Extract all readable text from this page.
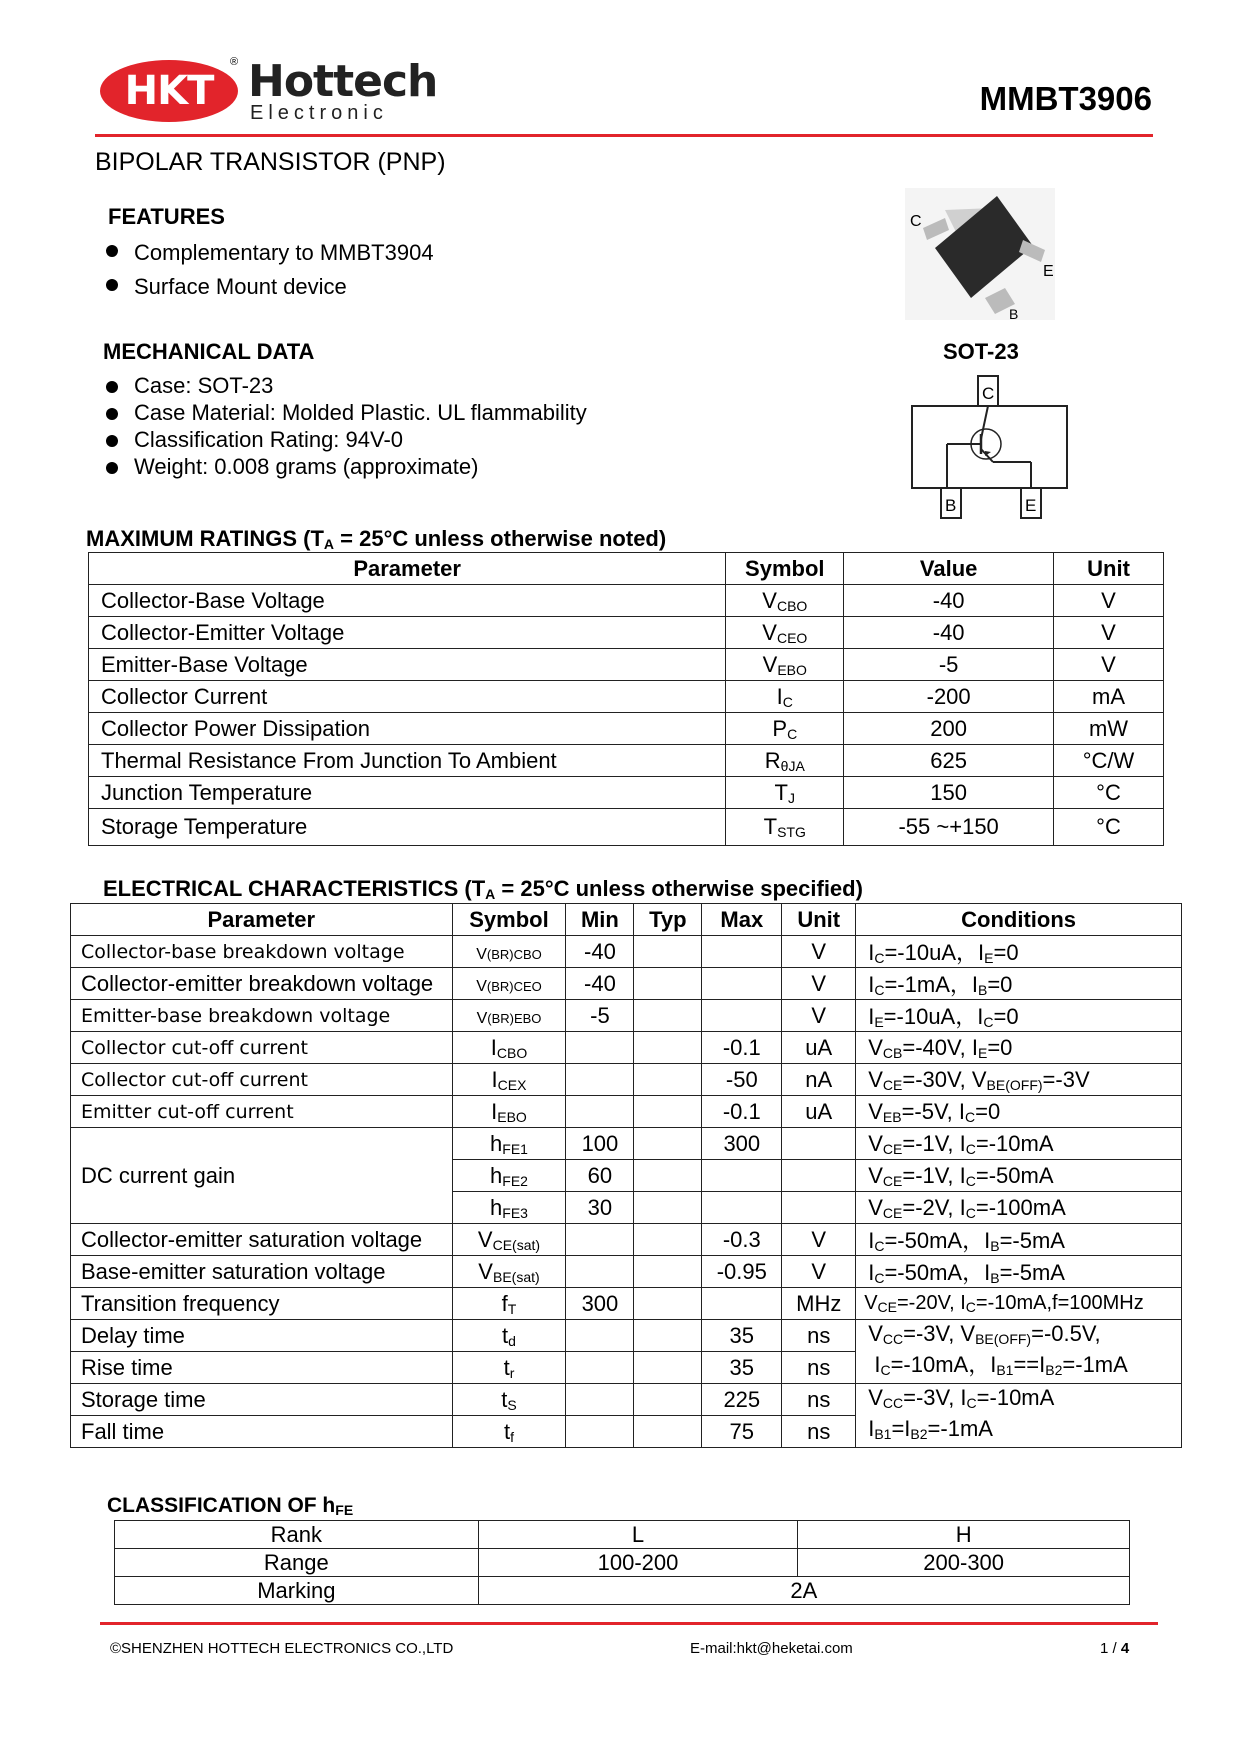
HKT
® Hottech
Electronic	MMBT3906
BIPOLAR TRANSISTOR (PNP)
FEATURES
Complementary to MMBT3904
Surface Mount device
MECHANICAL DATA
Case: SOT-23
Case Material: Molded Plastic. UL flammability
Classification Rating: 94V-0
Weight: 0.008 grams (approximate)
C
E
B
SOT-23
C
B	E
MAXIMUM RATINGS ($T_A = 25^\circ C$ unless otherwise noted)
Parameter	Symbol	Value	Unit
Collector-Base Voltage	$V_{CBO}$	-40	V
Collector-Emitter Voltage	$V_{CEO}$	-40	V
Emitter-Base Voltage	$V_{EBO}$	-5	V
Collector Current	$I_C$	-200	mA
Collector Power Dissipation	$P_C$	200	mW
Thermal Resistance From Junction To Ambient	$R_{\theta JA}$	625	°C/W
Junction Temperature	$T_J$	150	°C
Storage Temperature	$T_{STG}$	-55 ~+150	°C
ELECTRICAL CHARACTERISTICS ($T_A = 25^\circ C$ unless otherwise specified)
Parameter	Symbol	Min	Typ	Max	Unit	Conditions
Collector-base breakdown voltage	V(BR)CBO	-40			V	$I_C=-10uA$，$I_E=0$
Collector-emitter breakdown voltage	V(BR)CEO	-40			V	$I_C=-1mA$，$I_B=0$
Emitter-base breakdown voltage	V(BR)EBO	-5			V	$I_E=-10uA$，$I_C=0$
Collector cut-off current	$I_{CBO}$			-0.1	uA	$V_{CB}=-40V$, $I_E=0$
Collector cut-off current	$I_{CEX}$			-50	nA	$V_{CE}=-30V$, $V_{BE(OFF)}=-3V$
Emitter cut-off current	$I_{EBO}$			-0.1	uA	$V_{EB}=-5V$, $I_C=0$
DC current gain	$h_{FE1}$	100		300		$V_{CE}=-1V$, $I_C=-10mA$
	$h_{FE2}$	60				$V_{CE}=-1V$, $I_C=-50mA$
	$h_{FE3}$	30				$V_{CE}=-2V$, $I_C=-100mA$
Collector-emitter saturation voltage	$V_{CE(sat)}$			-0.3	V	$I_C=-50mA$，$I_B=-5mA$
Base-emitter saturation voltage	$V_{BE(sat)}$			-0.95	V	$I_C=-50mA$，$I_B=-5mA$
Transition frequency	$f_T$	300			MHz	$V_{CE}=-20V$, $I_C=-10mA,f=100MHz$
Delay time	$t_d$			35	ns	$V_{CC}=-3V$, $V_{BE(OFF)}=-0.5V$,
$I_C=-10mA$，$I_{B1}==I_{B2}=-1mA$
Rise time	$t_r$			35	ns	
Storage time	$t_S$			225	ns	$V_{CC}=-3V$, $I_C=-10mA$
$I_{B1}=I_{B2}=-1mA$
Fall time	$t_f$			75	ns	
CLASSIFICATION OF $h_{FE}$
Rank	L	H
Range	100-200	200-300
Marking	2A	
©SHENZHEN HOTTECH ELECTRONICS CO.,LTD	E-mail:hkt@heketai.com	1 / 4
